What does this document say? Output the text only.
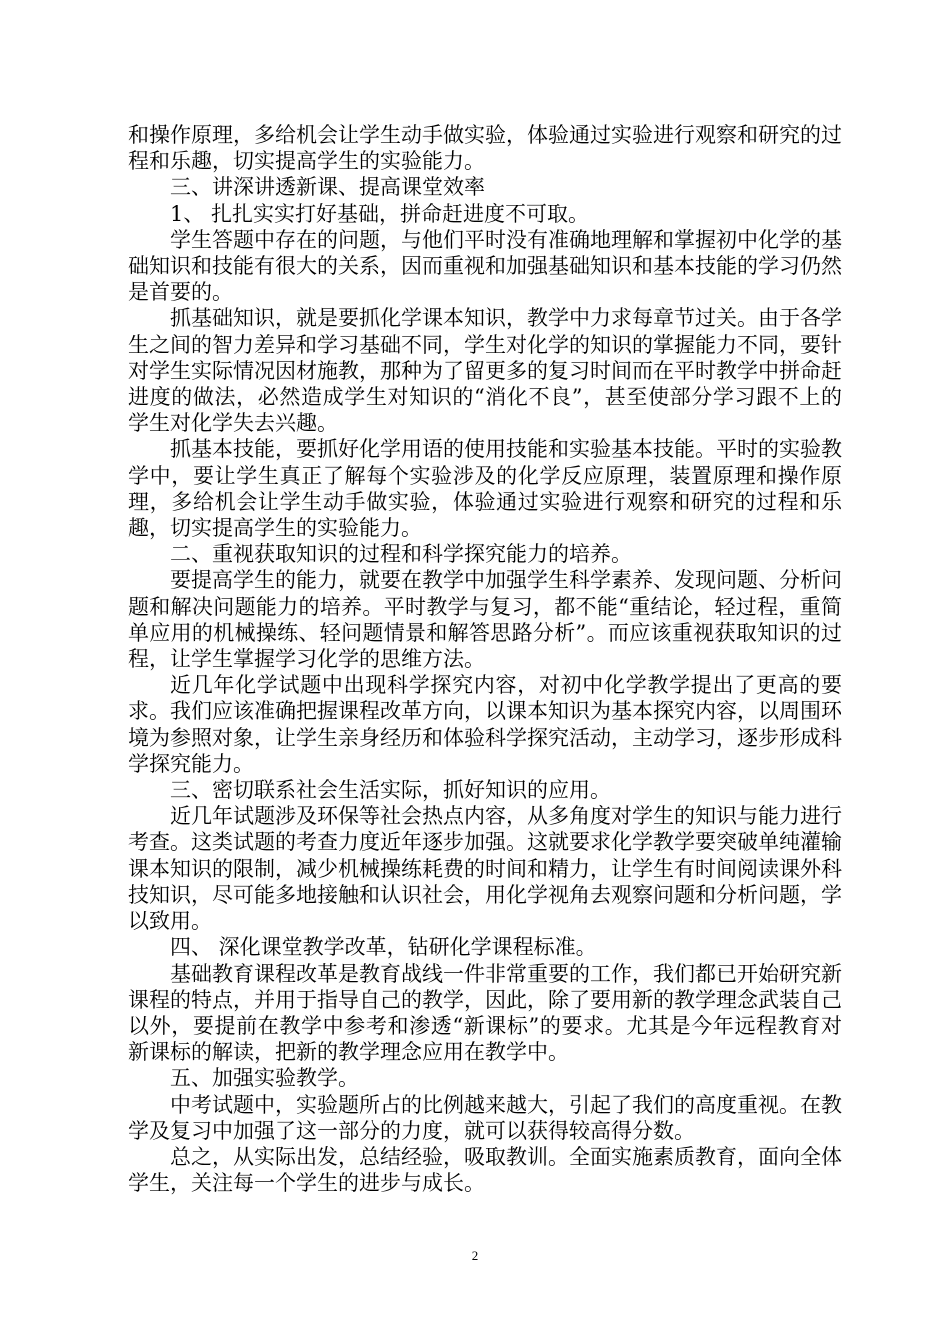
和操作原理，多给机会让学生动手做实验，体验通过实验进行观察和研究的过程和乐趣，切实提高学生的实验能力。

三、讲深讲透新课、提高课堂效率

1、 扎扎实实打好基础，拼命赶进度不可取。

学生答题中存在的问题，与他们平时没有准确地理解和掌握初中化学的基础知识和技能有很大的关系，因而重视和加强基础知识和基本技能的学习仍然是首要的。

抓基础知识，就是要抓化学课本知识，教学中力求每章节过关。由于各学生之间的智力差异和学习基础不同，学生对化学的知识的掌握能力不同，要针对学生实际情况因材施教，那种为了留更多的复习时间而在平时教学中拼命赶进度的做法，必然造成学生对知识的“消化不良”，甚至使部分学习跟不上的学生对化学失去兴趣。

抓基本技能，要抓好化学用语的使用技能和实验基本技能。平时的实验教学中，要让学生真正了解每个实验涉及的化学反应原理，装置原理和操作原理，多给机会让学生动手做实验，体验通过实验进行观察和研究的过程和乐趣，切实提高学生的实验能力。

二、重视获取知识的过程和科学探究能力的培养。

要提高学生的能力，就要在教学中加强学生科学素养、发现问题、分析问题和解决问题能力的培养。平时教学与复习，都不能“重结论，轻过程，重简单应用的机械操练、轻问题情景和解答思路分析”。而应该重视获取知识的过程，让学生掌握学习化学的思维方法。

近几年化学试题中出现科学探究内容，对初中化学教学提出了更高的要求。我们应该准确把握课程改革方向，以课本知识为基本探究内容，以周围环境为参照对象，让学生亲身经历和体验科学探究活动，主动学习，逐步形成科学探究能力。

三、密切联系社会生活实际，抓好知识的应用。

近几年试题涉及环保等社会热点内容，从多角度对学生的知识与能力进行考查。这类试题的考查力度近年逐步加强。这就要求化学教学要突破单纯灌输课本知识的限制，减少机械操练耗费的时间和精力，让学生有时间阅读课外科技知识，尽可能多地接触和认识社会，用化学视角去观察问题和分析问题，学以致用。

四、 深化课堂教学改革，钻研化学课程标准。

基础教育课程改革是教育战线一件非常重要的工作，我们都已开始研究新课程的特点，并用于指导自己的教学，因此，除了要用新的教学理念武装自己以外，要提前在教学中参考和渗透“新课标”的要求。尤其是今年远程教育对新课标的解读，把新的教学理念应用在教学中。

五、加强实验教学。

中考试题中，实验题所占的比例越来越大，引起了我们的高度重视。在教学及复习中加强了这一部分的力度，就可以获得较高得分数。

总之，从实际出发，总结经验，吸取教训。全面实施素质教育，面向全体学生，关注每一个学生的进步与成长。

2
